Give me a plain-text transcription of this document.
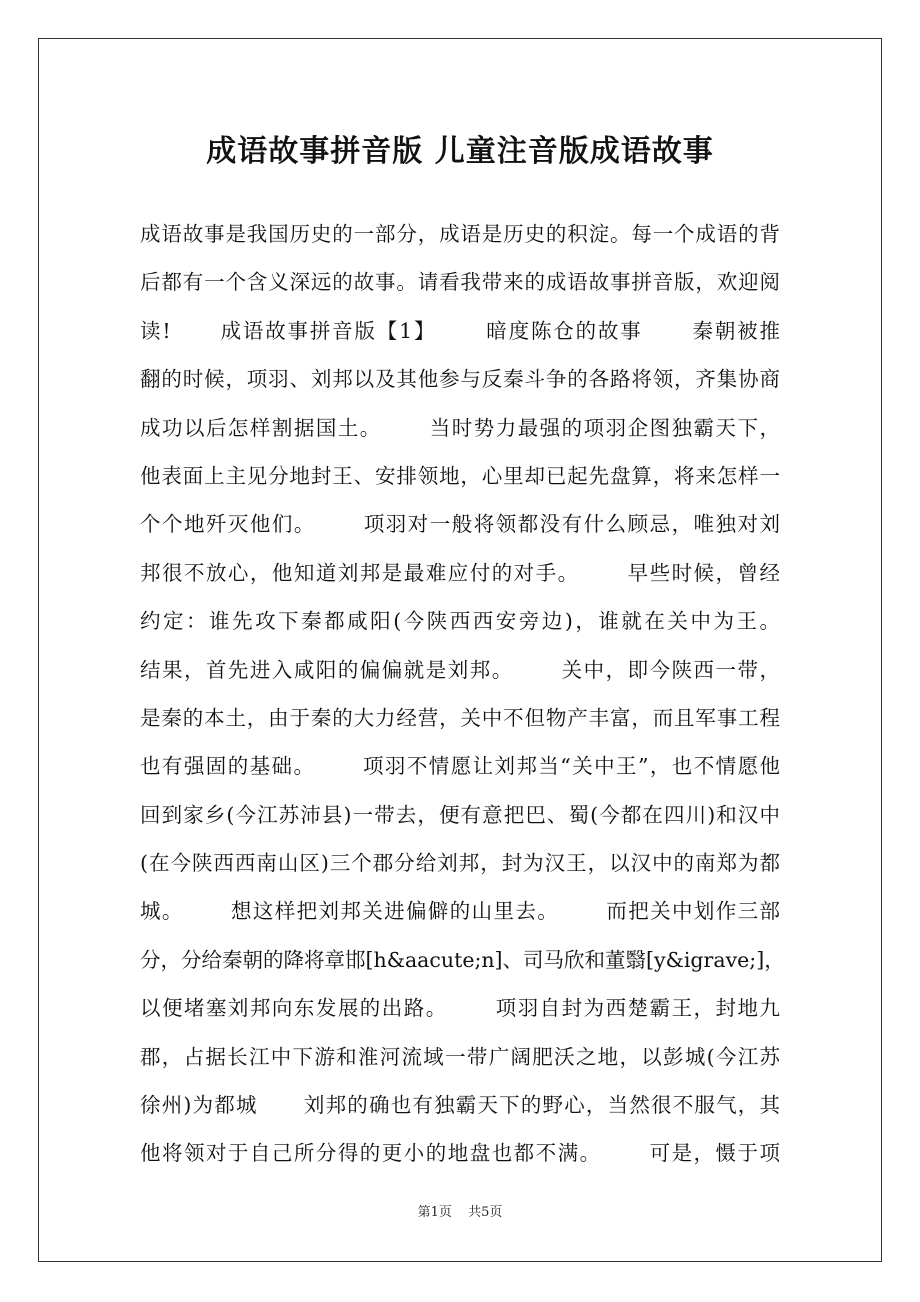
成语故事拼音版 儿童注音版成语故事
成语故事是我国历史的一部分，成语是历史的积淀。每一个成语的背
后都有一个含义深远的故事。请看我带来的成语故事拼音版，欢迎阅
读!      成语故事拼音版【1】      暗度陈仓的故事      秦朝被推
翻的时候，项羽、刘邦以及其他参与反秦斗争的各路将领，齐集协商
成功以后怎样割据国土。      当时势力最强的项羽企图独霸天下，
他表面上主见分地封王、安排领地，心里却已起先盘算，将来怎样一
个个地歼灭他们。      项羽对一般将领都没有什么顾忌，唯独对刘
邦很不放心，他知道刘邦是最难应付的对手。      早些时候，曾经
约定：谁先攻下秦都咸阳(今陕西西安旁边)，谁就在关中为王。
结果，首先进入咸阳的偏偏就是刘邦。      关中，即今陕西一带，
是秦的本土，由于秦的大力经营，关中不但物产丰富，而且军事工程
也有强固的基础。      项羽不情愿让刘邦当“关中王”，也不情愿他
回到家乡(今江苏沛县)一带去，便有意把巴、蜀(今都在四川)和汉中
(在今陕西西南山区)三个郡分给刘邦，封为汉王，以汉中的南郑为都
城。      想这样把刘邦关进偏僻的山里去。      而把关中划作三部
分，分给秦朝的降将章邯[h&aacute;n]、司马欣和董翳[y&igrave;]，
以便堵塞刘邦向东发展的出路。      项羽自封为西楚霸王，封地九
郡，占据长江中下游和淮河流域一带广阔肥沃之地，以彭城(今江苏
徐州)为都城      刘邦的确也有独霸天下的野心，当然很不服气，其
他将领对于自己所分得的更小的地盘也都不满。      可是，慑于项
第1页 共5页
